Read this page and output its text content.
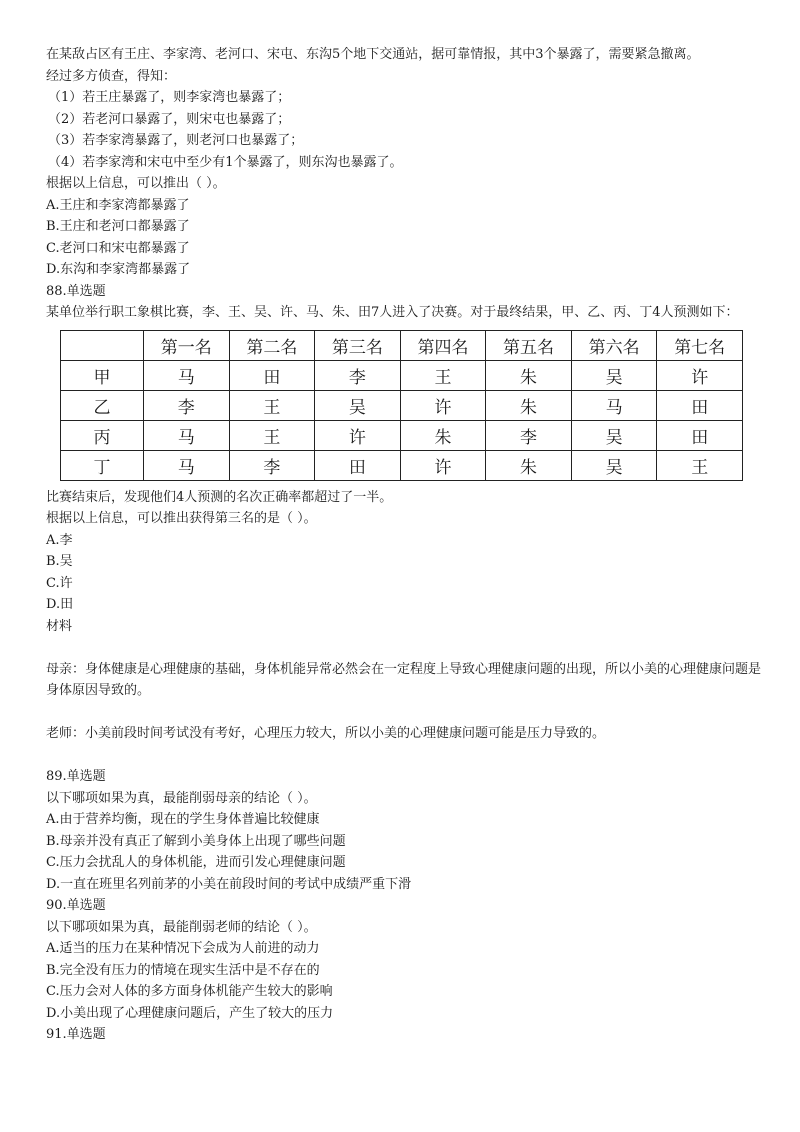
在某敌占区有王庄、李家湾、老河口、宋屯、东沟5个地下交通站，据可靠情报，其中3个暴露了，需要紧急撤离。
经过多方侦查，得知：
（1）若王庄暴露了，则李家湾也暴露了；
（2）若老河口暴露了，则宋屯也暴露了；
（3）若李家湾暴露了，则老河口也暴露了；
（4）若李家湾和宋屯中至少有1个暴露了，则东沟也暴露了。
根据以上信息，可以推出（ ）。
A.王庄和李家湾都暴露了
B.王庄和老河口都暴露了
C.老河口和宋屯都暴露了
D.东沟和李家湾都暴露了
88.单选题
某单位举行职工象棋比赛，李、王、吴、许、马、朱、田7人进入了决赛。对于最终结果，甲、乙、丙、丁4人预测如下：
	第一名	第二名	第三名	第四名	第五名	第六名	第七名
甲	马	田	李	王	朱	吴	许
乙	李	王	吴	许	朱	马	田
丙	马	王	许	朱	李	吴	田
丁	马	李	田	许	朱	吴	王
比赛结束后，发现他们4人预测的名次正确率都超过了一半。
根据以上信息，可以推出获得第三名的是（ ）。
A.李
B.吴
C.许
D.田
材料
母亲：身体健康是心理健康的基础，身体机能异常必然会在一定程度上导致心理健康问题的出现，所以小美的心理健康问题是身体原因导致的。
老师：小美前段时间考试没有考好，心理压力较大，所以小美的心理健康问题可能是压力导致的。
89.单选题
以下哪项如果为真，最能削弱母亲的结论（ ）。
A.由于营养均衡，现在的学生身体普遍比较健康
B.母亲并没有真正了解到小美身体上出现了哪些问题
C.压力会扰乱人的身体机能，进而引发心理健康问题
D.一直在班里名列前茅的小美在前段时间的考试中成绩严重下滑
90.单选题
以下哪项如果为真，最能削弱老师的结论（ ）。
A.适当的压力在某种情况下会成为人前进的动力
B.完全没有压力的情境在现实生活中是不存在的
C.压力会对人体的多方面身体机能产生较大的影响
D.小美出现了心理健康问题后，产生了较大的压力
91.单选题
